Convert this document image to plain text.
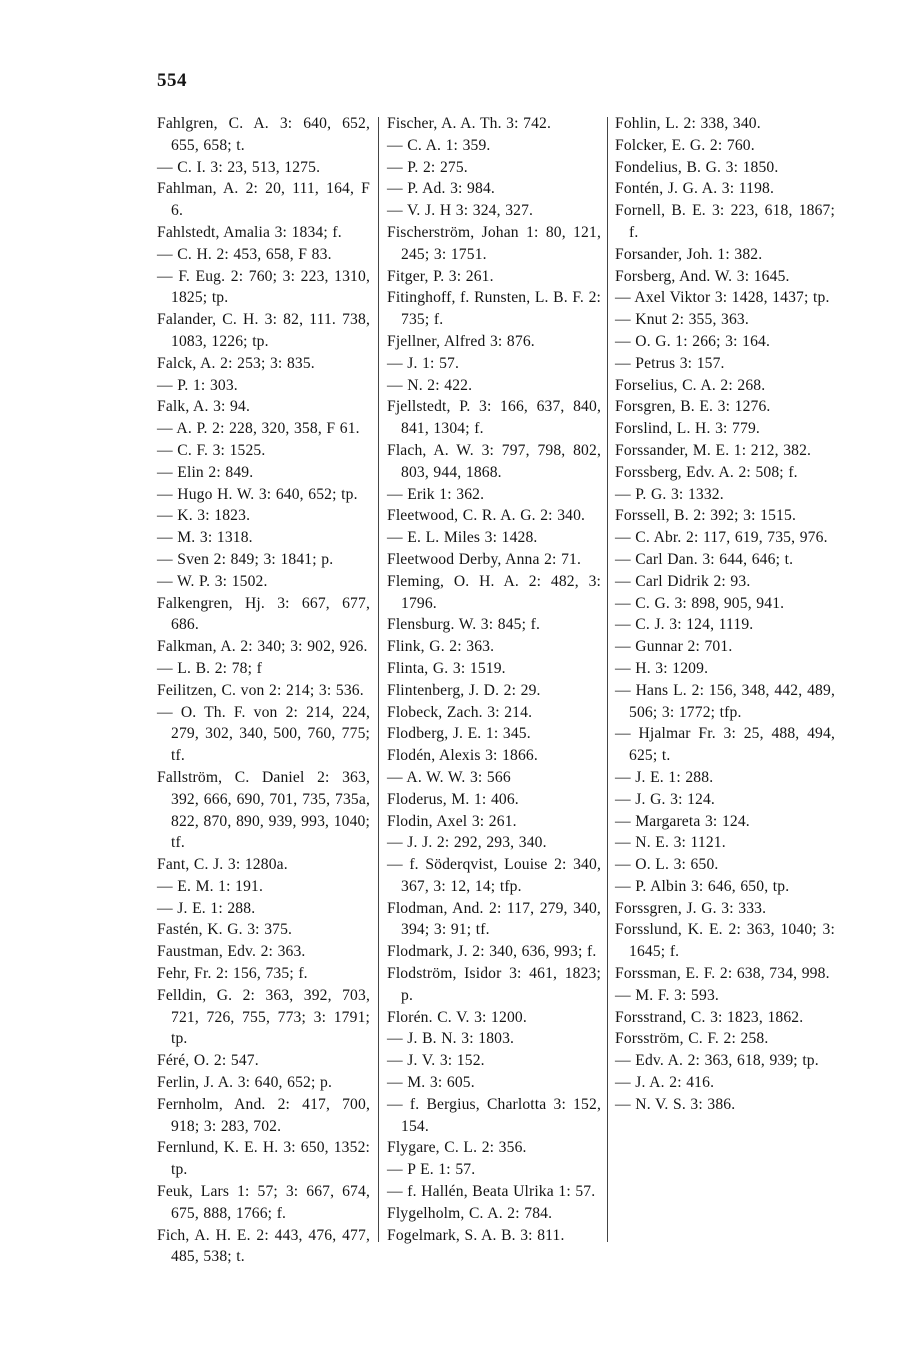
554
Fahlgren, C. A. 3: 640, 652, 655, 658; t.
— C. I. 3: 23, 513, 1275.
Fahlman, A. 2: 20, 111, 164, F 6.
Fahlstedt, Amalia 3: 1834; f.
— C. H. 2: 453, 658, F 83.
— F. Eug. 2: 760; 3: 223, 1310, 1825; tp.
Falander, C. H. 3: 82, 111. 738, 1083, 1226; tp.
Falck, A. 2: 253; 3: 835.
— P. 1: 303.
Falk, A. 3: 94.
— A. P. 2: 228, 320, 358, F 61.
— C. F. 3: 1525.
— Elin 2: 849.
— Hugo H. W. 3: 640, 652; tp.
— K. 3: 1823.
— M. 3: 1318.
— Sven 2: 849; 3: 1841; p.
— W. P. 3: 1502.
Falkengren, Hj. 3: 667, 677, 686.
Falkman, A. 2: 340; 3: 902, 926.
— L. B. 2: 78; f
Feilitzen, C. von 2: 214; 3: 536.
— O. Th. F. von 2: 214, 224, 279, 302, 340, 500, 760, 775; tf.
Fallström, C. Daniel 2: 363, 392, 666, 690, 701, 735, 735a, 822, 870, 890, 939, 993, 1040; tf.
Fant, C. J. 3: 1280a.
— E. M. 1: 191.
— J. E. 1: 288.
Fastén, K. G. 3: 375.
Faustman, Edv. 2: 363.
Fehr, Fr. 2: 156, 735; f.
Felldin, G. 2: 363, 392, 703, 721, 726, 755, 773; 3: 1791; tp.
Féré, O. 2: 547.
Ferlin, J. A. 3: 640, 652; p.
Fernholm, And. 2: 417, 700, 918; 3: 283, 702.
Fernlund, K. E. H. 3: 650, 1352: tp.
Feuk, Lars 1: 57; 3: 667, 674, 675, 888, 1766; f.
Fich, A. H. E. 2: 443, 476, 477, 485, 538; t.
Fischer, A. A. Th. 3: 742.
— C. A. 1: 359.
— P. 2: 275.
— P. Ad. 3: 984.
— V. J. H 3: 324, 327.
Fischerström, Johan 1: 80, 121, 245; 3: 1751.
Fitger, P. 3: 261.
Fitinghoff, f. Runsten, L. B. F. 2: 735; f.
Fjellner, Alfred 3: 876.
— J. 1: 57.
— N. 2: 422.
Fjellstedt, P. 3: 166, 637, 840, 841, 1304; f.
Flach, A. W. 3: 797, 798, 802, 803, 944, 1868.
— Erik 1: 362.
Fleetwood, C. R. A. G. 2: 340.
— E. L. Miles 3: 1428.
Fleetwood Derby, Anna 2: 71.
Fleming, O. H. A. 2: 482, 3: 1796.
Flensburg. W. 3: 845; f.
Flink, G. 2: 363.
Flinta, G. 3: 1519.
Flintenberg, J. D. 2: 29.
Flobeck, Zach. 3: 214.
Flodberg, J. E. 1: 345.
Flodén, Alexis 3: 1866.
— A. W. W. 3: 566
Floderus, M. 1: 406.
Flodin, Axel 3: 261.
— J. J. 2: 292, 293, 340.
— f. Söderqvist, Louise 2: 340, 367, 3: 12, 14; tfp.
Flodman, And. 2: 117, 279, 340, 394; 3: 91; tf.
Flodmark, J. 2: 340, 636, 993; f.
Flodström, Isidor 3: 461, 1823; p.
Florén. C. V. 3: 1200.
— J. B. N. 3: 1803.
— J. V. 3: 152.
— M. 3: 605.
— f. Bergius, Charlotta 3: 152, 154.
Flygare, C. L. 2: 356.
— P E. 1: 57.
— f. Hallén, Beata Ulrika 1: 57.
Flygelholm, C. A. 2: 784.
Fogelmark, S. A. B. 3: 811.
Fohlin, L. 2: 338, 340.
Folcker, E. G. 2: 760.
Fondelius, B. G. 3: 1850.
Fontén, J. G. A. 3: 1198.
Fornell, B. E. 3: 223, 618, 1867; f.
Forsander, Joh. 1: 382.
Forsberg, And. W. 3: 1645.
— Axel Viktor 3: 1428, 1437; tp.
— Knut 2: 355, 363.
— O. G. 1: 266; 3: 164.
— Petrus 3: 157.
Forselius, C. A. 2: 268.
Forsgren, B. E. 3: 1276.
Forslind, L. H. 3: 779.
Forssander, M. E. 1: 212, 382.
Forssberg, Edv. A. 2: 508; f.
— P. G. 3: 1332.
Forssell, B. 2: 392; 3: 1515.
— C. Abr. 2: 117, 619, 735, 976.
— Carl Dan. 3: 644, 646; t.
— Carl Didrik 2: 93.
— C. G. 3: 898, 905, 941.
— C. J. 3: 124, 1119.
— Gunnar 2: 701.
— H. 3: 1209.
— Hans L. 2: 156, 348, 442, 489, 506; 3: 1772; tfp.
— Hjalmar Fr. 3: 25, 488, 494, 625; t.
— J. E. 1: 288.
— J. G. 3: 124.
— Margareta 3: 124.
— N. E. 3: 1121.
— O. L. 3: 650.
— P. Albin 3: 646, 650, tp.
Forssgren, J. G. 3: 333.
Forsslund, K. E. 2: 363, 1040; 3: 1645; f.
Forssman, E. F. 2: 638, 734, 998.
— M. F. 3: 593.
Forsstrand, C. 3: 1823, 1862.
Forsström, C. F. 2: 258.
— Edv. A. 2: 363, 618, 939; tp.
— J. A. 2: 416.
— N. V. S. 3: 386.
